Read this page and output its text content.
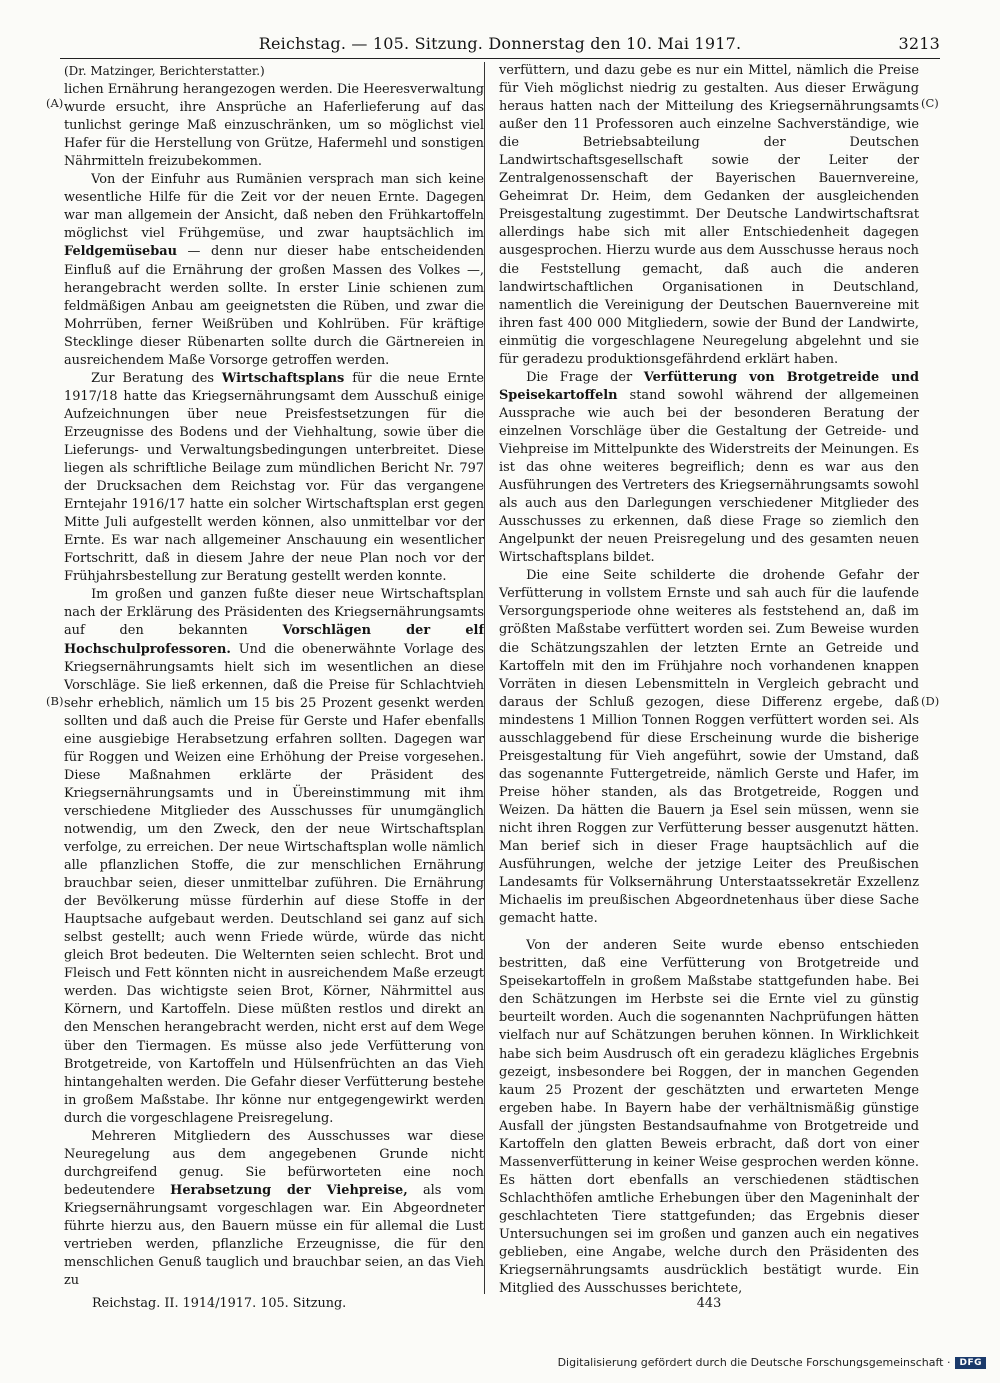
Reichstag. — 105. Sitzung. Donnerstag den 10. Mai 1917.	3213
(A)
(B)
(C)
(D)
(Dr. Matzinger, Berichterstatter.)

lichen Ernährung herangezogen werden. Die Heeresverwaltung wurde ersucht, ihre Ansprüche an Haferlieferung auf das tunlichst geringe Maß einzuschränken, um so möglichst viel Hafer für die Herstellung von Grütze, Hafermehl und sonstigen Nährmitteln freizubekommen.

Von der Einfuhr aus Rumänien versprach man sich keine wesentliche Hilfe für die Zeit vor der neuen Ernte. Dagegen war man allgemein der Ansicht, daß neben den Frühkartoffeln möglichst viel Frühgemüse, und zwar hauptsächlich im Feldgemüsebau — denn nur dieser habe entscheidenden Einfluß auf die Ernährung der großen Massen des Volkes —, herangebracht werden sollte. In erster Linie schienen zum feldmäßigen Anbau am geeignetsten die Rüben, und zwar die Mohrrüben, ferner Weißrüben und Kohlrüben. Für kräftige Stecklinge dieser Rübenarten sollte durch die Gärtnereien in ausreichendem Maße Vorsorge getroffen werden.

Zur Beratung des Wirtschaftsplans für die neue Ernte 1917/18 hatte das Kriegsernährungsamt dem Ausschuß einige Aufzeichnungen über neue Preisfestsetzungen für die Erzeugnisse des Bodens und der Viehhaltung, sowie über die Lieferungs- und Verwaltungsbedingungen unterbreitet. Diese liegen als schriftliche Beilage zum mündlichen Bericht Nr. 797 der Drucksachen dem Reichstag vor. Für das vergangene Erntejahr 1916/17 hatte ein solcher Wirtschaftsplan erst gegen Mitte Juli aufgestellt werden können, also unmittelbar vor der Ernte. Es war nach allgemeiner Anschauung ein wesentlicher Fortschritt, daß in diesem Jahre der neue Plan noch vor der Frühjahrsbestellung zur Beratung gestellt werden konnte.

Im großen und ganzen fußte dieser neue Wirtschaftsplan nach der Erklärung des Präsidenten des Kriegsernährungsamts auf den bekannten Vorschlägen der elf Hochschulprofessoren. Und die obenerwähnte Vorlage des Kriegsernährungsamts hielt sich im wesentlichen an diese Vorschläge. Sie ließ erkennen, daß die Preise für Schlachtvieh sehr erheblich, nämlich um 15 bis 25 Prozent gesenkt werden sollten und daß auch die Preise für Gerste und Hafer ebenfalls eine ausgiebige Herabsetzung erfahren sollten. Dagegen war für Roggen und Weizen eine Erhöhung der Preise vorgesehen. Diese Maßnahmen erklärte der Präsident des Kriegsernährungsamts und in Übereinstimmung mit ihm verschiedene Mitglieder des Ausschusses für unumgänglich notwendig, um den Zweck, den der neue Wirtschaftsplan verfolge, zu erreichen. Der neue Wirtschaftsplan wolle nämlich alle pflanzlichen Stoffe, die zur menschlichen Ernährung brauchbar seien, dieser unmittelbar zuführen. Die Ernährung der Bevölkerung müsse fürderhin auf diese Stoffe in der Hauptsache aufgebaut werden. Deutschland sei ganz auf sich selbst gestellt; auch wenn Friede würde, würde das nicht gleich Brot bedeuten. Die Welternten seien schlecht. Brot und Fleisch und Fett könnten nicht in ausreichendem Maße erzeugt werden. Das wichtigste seien Brot, Körner, Nährmittel aus Körnern, und Kartoffeln. Diese müßten restlos und direkt an den Menschen herangebracht werden, nicht erst auf dem Wege über den Tiermagen. Es müsse also jede Verfütterung von Brotgetreide, von Kartoffeln und Hülsenfrüchten an das Vieh hintangehalten werden. Die Gefahr dieser Verfütterung bestehe in großem Maßstabe. Ihr könne nur entgegengewirkt werden durch die vorgeschlagene Preisregelung.

Mehreren Mitgliedern des Ausschusses war diese Neuregelung aus dem angegebenen Grunde nicht durchgreifend genug. Sie befürworteten eine noch bedeutendere Herabsetzung der Viehpreise, als vom Kriegsernährungsamt vorgeschlagen war. Ein Abgeordneter führte hierzu aus, den Bauern müsse ein für allemal die Lust vertrieben werden, pflanzliche Erzeugnisse, die für den menschlichen Genuß tauglich und brauchbar seien, an das Vieh zu

verfüttern, und dazu gebe es nur ein Mittel, nämlich die Preise für Vieh möglichst niedrig zu gestalten. Aus dieser Erwägung heraus hatten nach der Mitteilung des Kriegsernährungsamts außer den 11 Professoren auch einzelne Sachverständige, wie die Betriebsabteilung der Deutschen Landwirtschaftsgesellschaft sowie der Leiter der Zentralgenossenschaft der Bayerischen Bauernvereine, Geheimrat Dr. Heim, dem Gedanken der ausgleichenden Preisgestaltung zugestimmt. Der Deutsche Landwirtschaftsrat allerdings habe sich mit aller Entschiedenheit dagegen ausgesprochen. Hierzu wurde aus dem Ausschusse heraus noch die Feststellung gemacht, daß auch die anderen landwirtschaftlichen Organisationen in Deutschland, namentlich die Vereinigung der Deutschen Bauernvereine mit ihren fast 400 000 Mitgliedern, sowie der Bund der Landwirte, einmütig die vorgeschlagene Neuregelung abgelehnt und sie für geradezu produktionsgefährdend erklärt haben.

Die Frage der Verfütterung von Brotgetreide und Speisekartoffeln stand sowohl während der allgemeinen Aussprache wie auch bei der besonderen Beratung der einzelnen Vorschläge über die Gestaltung der Getreide- und Viehpreise im Mittelpunkte des Widerstreits der Meinungen. Es ist das ohne weiteres begreiflich; denn es war aus den Ausführungen des Vertreters des Kriegsernährungsamts sowohl als auch aus den Darlegungen verschiedener Mitglieder des Ausschusses zu erkennen, daß diese Frage so ziemlich den Angelpunkt der neuen Preisregelung und des gesamten neuen Wirtschaftsplans bildet.

Die eine Seite schilderte die drohende Gefahr der Verfütterung in vollstem Ernste und sah auch für die laufende Versorgungsperiode ohne weiteres als feststehend an, daß im größten Maßstabe verfüttert worden sei. Zum Beweise wurden die Schätzungszahlen der letzten Ernte an Getreide und Kartoffeln mit den im Frühjahre noch vorhandenen knappen Vorräten in diesen Lebensmitteln in Vergleich gebracht und daraus der Schluß gezogen, diese Differenz ergebe, daß mindestens 1 Million Tonnen Roggen verfüttert worden sei. Als ausschlaggebend für diese Erscheinung wurde die bisherige Preisgestaltung für Vieh angeführt, sowie der Umstand, daß das sogenannte Futtergetreide, nämlich Gerste und Hafer, im Preise höher standen, als das Brotgetreide, Roggen und Weizen. Da hätten die Bauern ja Esel sein müssen, wenn sie nicht ihren Roggen zur Verfütterung besser ausgenutzt hätten. Man berief sich in dieser Frage hauptsächlich auf die Ausführungen, welche der jetzige Leiter des Preußischen Landesamts für Volksernährung Unterstaatssekretär Exzellenz Michaelis im preußischen Abgeordnetenhaus über diese Sache gemacht hatte.

Von der anderen Seite wurde ebenso entschieden bestritten, daß eine Verfütterung von Brotgetreide und Speisekartoffeln in großem Maßstabe stattgefunden habe. Bei den Schätzungen im Herbste sei die Ernte viel zu günstig beurteilt worden. Auch die sogenannten Nachprüfungen hätten vielfach nur auf Schätzungen beruhen können. In Wirklichkeit habe sich beim Ausdrusch oft ein geradezu klägliches Ergebnis gezeigt, insbesondere bei Roggen, der in manchen Gegenden kaum 25 Prozent der geschätzten und erwarteten Menge ergeben habe. In Bayern habe der verhältnismäßig günstige Ausfall der jüngsten Bestandsaufnahme von Brotgetreide und Kartoffeln den glatten Beweis erbracht, daß dort von einer Massenverfütterung in keiner Weise gesprochen werden könne. Es hätten dort ebenfalls an verschiedenen städtischen Schlachthöfen amtliche Erhebungen über den Mageninhalt der geschlachteten Tiere stattgefunden; das Ergebnis dieser Untersuchungen sei im großen und ganzen auch ein negatives geblieben, eine Angabe, welche durch den Präsidenten des Kriegsernährungsamts ausdrücklich bestätigt wurde. Ein Mitglied des Ausschusses berichtete,

Reichstag. II. 1914/1917. 105. Sitzung.	443
Digitalisierung gefördert durch die Deutsche Forschungsgemeinschaft ·	DFG
